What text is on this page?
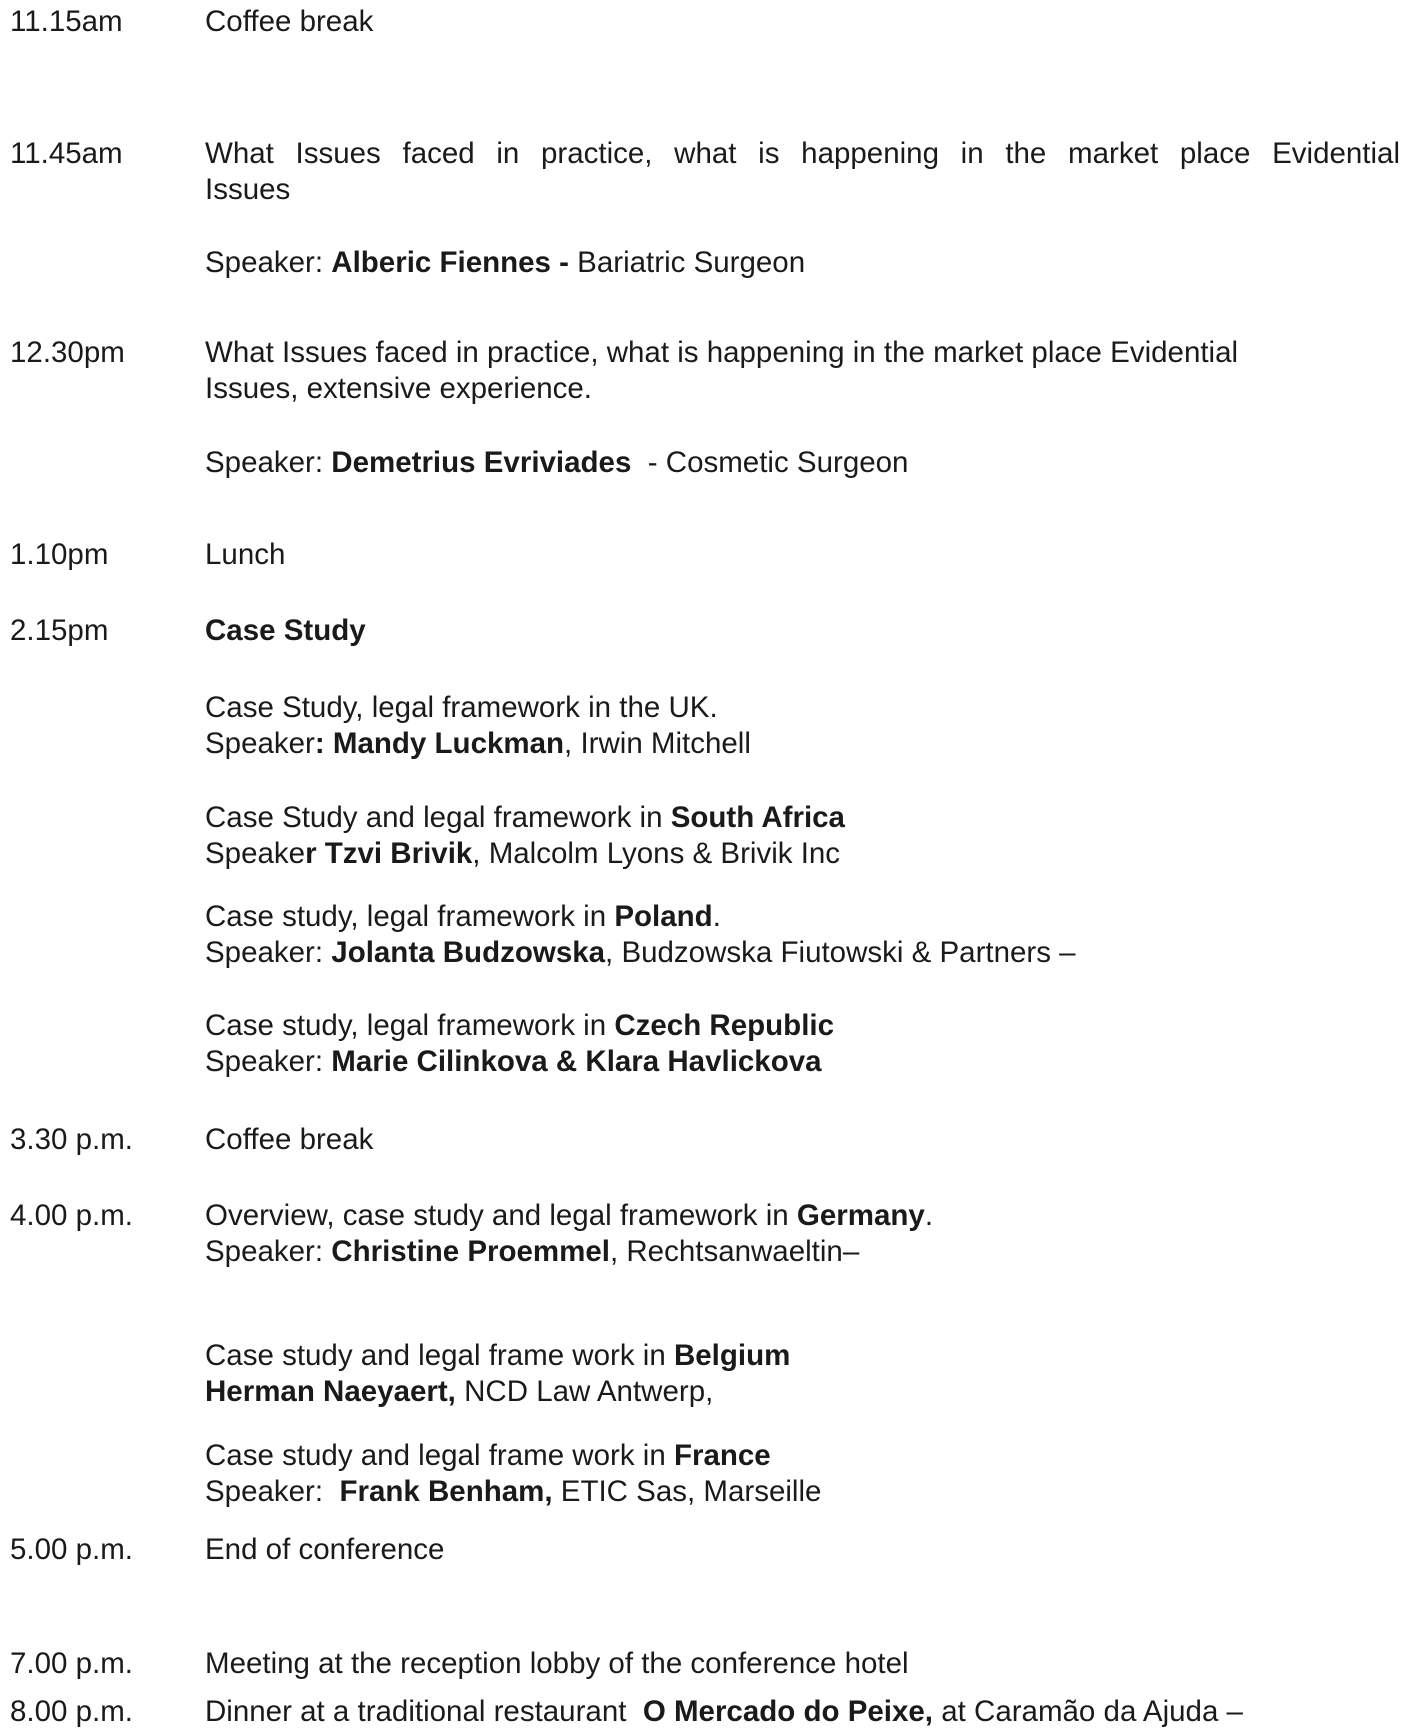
11.15am	Coffee break
11.45am	What Issues faced in practice, what is happening in the market place Evidential
Issues
Speaker: Alberic Fiennes - Bariatric Surgeon
12.30pm	What Issues faced in practice, what is happening in the market place Evidential
Issues, extensive experience.
Speaker: Demetrius Evriviades  - Cosmetic Surgeon
1.10pm	Lunch
2.15pm	Case Study
Case Study, legal framework in the UK.
Speaker: Mandy Luckman, Irwin Mitchell
Case Study and legal framework in South Africa
Speaker Tzvi Brivik, Malcolm Lyons & Brivik Inc
Case study, legal framework in Poland.
Speaker: Jolanta Budzowska, Budzowska Fiutowski & Partners –
Case study, legal framework in Czech Republic
Speaker: Marie Cilinkova & Klara Havlickova
3.30 p.m. Coffee break
4.00 p.m. Overview, case study and legal framework in Germany.
Speaker: Christine Proemmel, Rechtsanwaeltin–
Case study and legal frame work in Belgium
Herman Naeyaert, NCD Law Antwerp,
Case study and legal frame work in France
Speaker:  Frank Benham, ETIC Sas, Marseille
5.00 p.m. End of conference
7.00 p.m. Meeting at the reception lobby of the conference hotel
8.00 p.m. Dinner at a traditional restaurant  O Mercado do Peixe, at Caramão da Ajuda –
